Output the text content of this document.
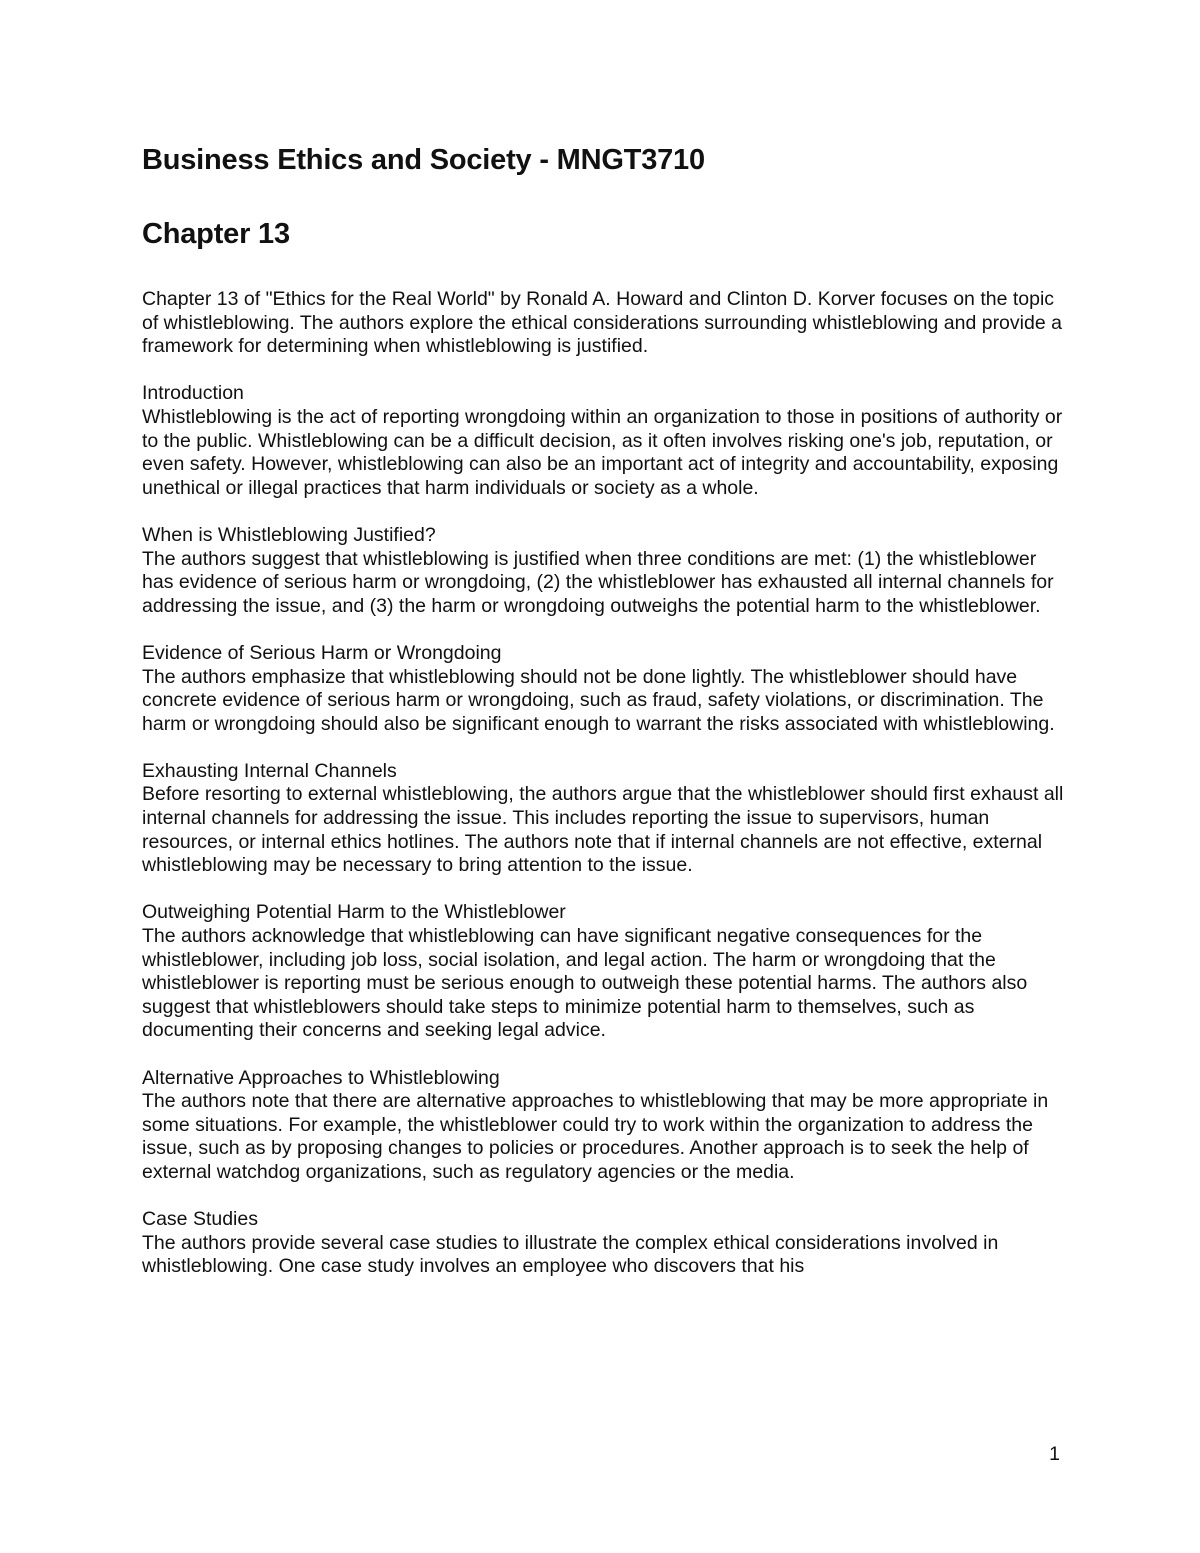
Business Ethics and Society - MNGT3710
Chapter 13
Chapter 13 of "Ethics for the Real World" by Ronald A. Howard and Clinton D. Korver focuses on the topic of whistleblowing. The authors explore the ethical considerations surrounding whistleblowing and provide a framework for determining when whistleblowing is justified.
Introduction
Whistleblowing is the act of reporting wrongdoing within an organization to those in positions of authority or to the public. Whistleblowing can be a difficult decision, as it often involves risking one's job, reputation, or even safety. However, whistleblowing can also be an important act of integrity and accountability, exposing unethical or illegal practices that harm individuals or society as a whole.
When is Whistleblowing Justified?
The authors suggest that whistleblowing is justified when three conditions are met: (1) the whistleblower has evidence of serious harm or wrongdoing, (2) the whistleblower has exhausted all internal channels for addressing the issue, and (3) the harm or wrongdoing outweighs the potential harm to the whistleblower.
Evidence of Serious Harm or Wrongdoing
The authors emphasize that whistleblowing should not be done lightly. The whistleblower should have concrete evidence of serious harm or wrongdoing, such as fraud, safety violations, or discrimination. The harm or wrongdoing should also be significant enough to warrant the risks associated with whistleblowing.
Exhausting Internal Channels
Before resorting to external whistleblowing, the authors argue that the whistleblower should first exhaust all internal channels for addressing the issue. This includes reporting the issue to supervisors, human resources, or internal ethics hotlines. The authors note that if internal channels are not effective, external whistleblowing may be necessary to bring attention to the issue.
Outweighing Potential Harm to the Whistleblower
The authors acknowledge that whistleblowing can have significant negative consequences for the whistleblower, including job loss, social isolation, and legal action. The harm or wrongdoing that the whistleblower is reporting must be serious enough to outweigh these potential harms. The authors also suggest that whistleblowers should take steps to minimize potential harm to themselves, such as documenting their concerns and seeking legal advice.
Alternative Approaches to Whistleblowing
The authors note that there are alternative approaches to whistleblowing that may be more appropriate in some situations. For example, the whistleblower could try to work within the organization to address the issue, such as by proposing changes to policies or procedures. Another approach is to seek the help of external watchdog organizations, such as regulatory agencies or the media.
Case Studies
The authors provide several case studies to illustrate the complex ethical considerations involved in whistleblowing. One case study involves an employee who discovers that his
1
